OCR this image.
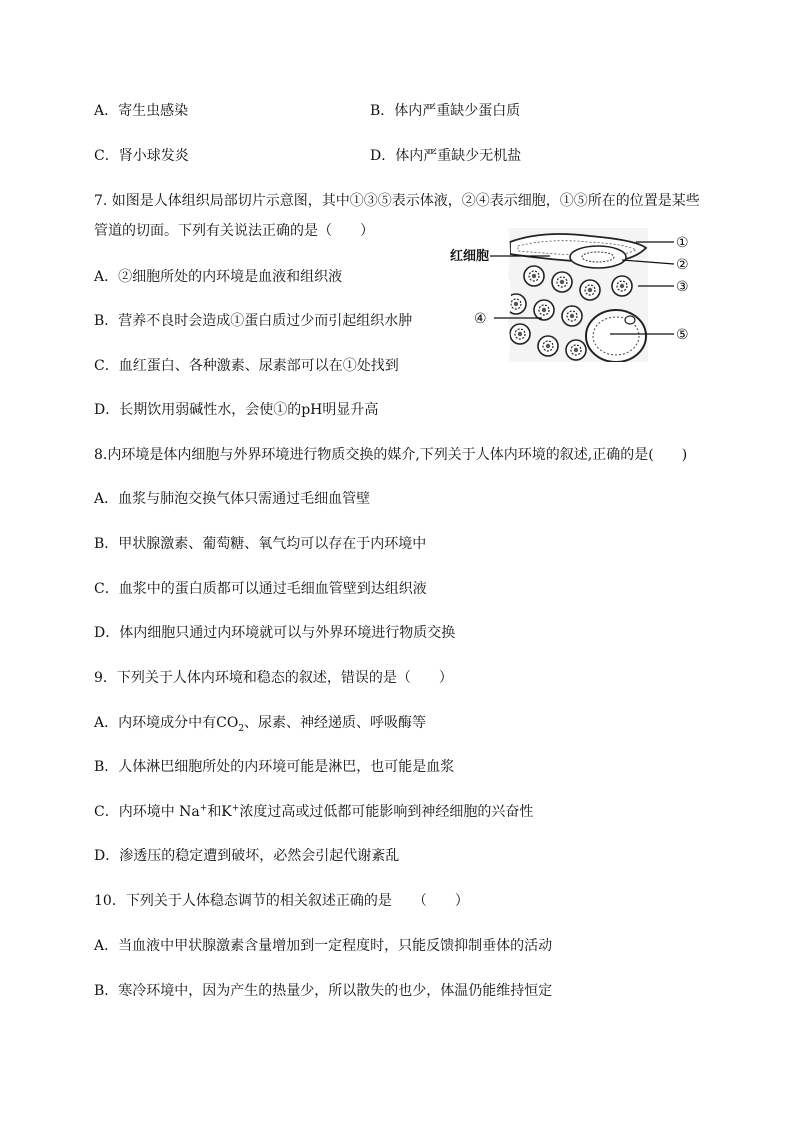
A．寄生虫感染	B．体内严重缺少蛋白质
C．肾小球发炎	D．体内严重缺少无机盐
7. 如图是人体组织局部切片示意图，其中①③⑤表示体液，②④表示细胞，①⑤所在的位置是某些
管道的切面。下列有关说法正确的是（　　）
A．②细胞所处的内环境是血液和组织液
B．营养不良时会造成①蛋白质过少而引起组织水肿
C．血红蛋白、各种激素、尿素部可以在①处找到
D．长期饮用弱碱性水，会使①的pH明显升高
红细胞
①
②
③
④
⑤
8.内环境是体内细胞与外界环境进行物质交换的媒介,下列关于人体内环境的叙述,正确的是(　　)
A．血浆与肺泡交换气体只需通过毛细血管壁
B．甲状腺激素、葡萄糖、氧气均可以存在于内环境中
C．血浆中的蛋白质都可以通过毛细血管壁到达组织液
D．体内细胞只通过内环境就可以与外界环境进行物质交换
9．下列关于人体内环境和稳态的叙述，错误的是（　　）
A．内环境成分中有$CO_2$、尿素、神经递质、呼吸酶等
B．人体淋巴细胞所处的内环境可能是淋巴，也可能是血浆
C．内环境中 Na+和K+浓度过高或过低都可能影响到神经细胞的兴奋性
D．渗透压的稳定遭到破坏，必然会引起代谢紊乱
10．下列关于人体稳态调节的相关叙述正确的是　　（　　）
A．当血液中甲状腺激素含量增加到一定程度时，只能反馈抑制垂体的活动
B．寒冷环境中，因为产生的热量少，所以散失的也少，体温仍能维持恒定
